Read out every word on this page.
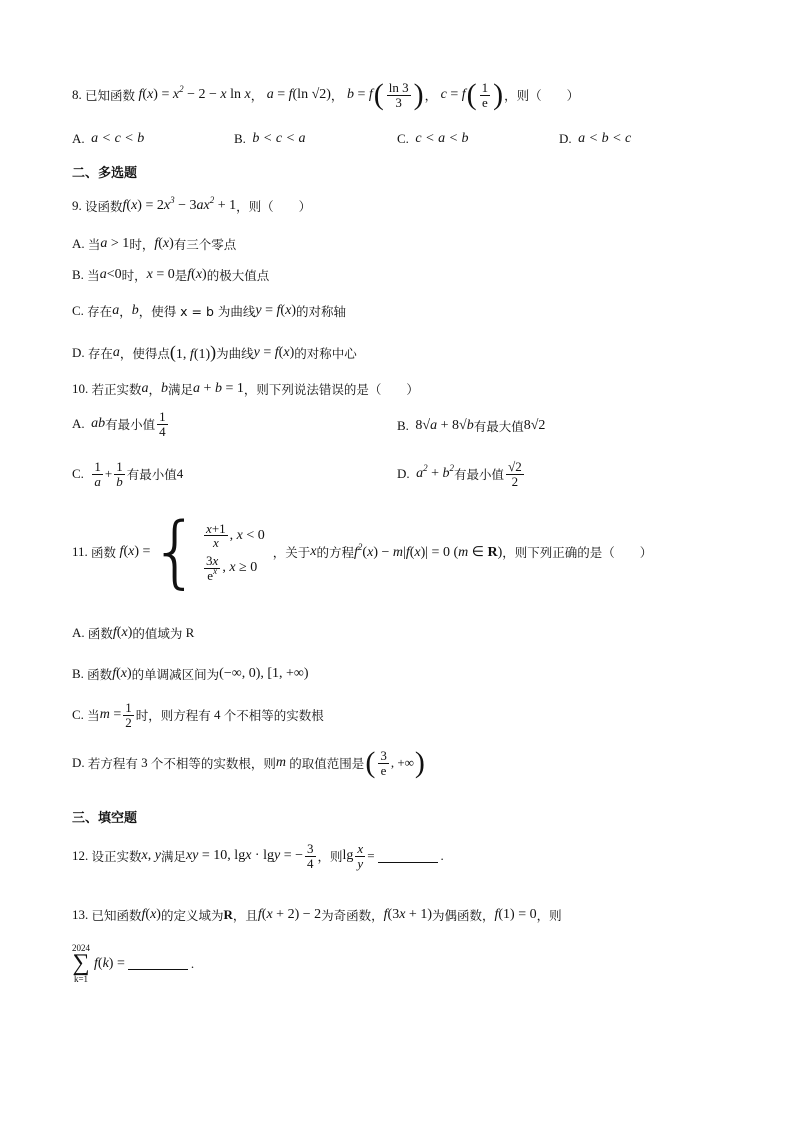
8.
已知函数 $f(x) = x^2 - 2 - x$ ln x ， a = f(ln √2) ， b = f ( $\frac{\ln 3}{3}$ ) ， c = f ( $\frac{1}{e}$ ) ，则（　　）
A.
a < c < b	B.
b < c < a	C.
c < a < b	D.
a < b < c
二、多选题
9.
设函数 $f(x) = 2x^3 - 3ax^2 + 1$ ，则（　　）
A.
当 a > 1 时， f(x) 有三个零点
B.
当 a<0 时， x = 0 是 f(x) 的极大值点
C.
存在 a ， b ，使得 x = b 为曲线 y = f(x) 的对称轴
D.
存在 a ，使得点 (1, f(1)) 为曲线 y = f(x) 的对称中心
10.
若正实数 a ， b 满足 a + b = 1 ，则下列说法错误的是（　　）
A.
ab 有最小值 $\frac{1}{4}$	B.
8√a + 8√b 有最大值 8√2
C.
$\frac{1}{a} + \frac{1}{b}$ 有最小值 4	D.
$a^2 + b^2$ 有最小值 $\frac{√2}{2}$
11.
函数 f(x) = { $\frac{x+1}{x}$ , x < 0
$\frac{3x}{e^x}$ , x ≥ 0
，关于 x 的方程 $f^2(x) - m|f(x)| = 0$ (m ∈ R) ，则下列正确的是（　　）
A.
函数 f(x) 的值域为
R
B.
函数 f(x) 的单调减区间为 (−∞, 0), [1, +∞)
C.
当 $m = \frac{1}{2}$ 时，则方程有
4
个不相等的实数根
D.
若方程有
3
个不相等的实数根，则 m
的取值范围是 ( $\frac{3}{e}$ , +∞ )
三、填空题
12.
设正实数 x, y 满足 xy = 10, lgx · lgy = − $\frac{3}{4}$ ，则 $\lg \frac{x}{y}$ =	.
13.
已知函数 f(x) 的定义域为 R ，且 f(x + 2) − 2 为奇函数， f(3x + 1) 为偶函数， f(1) = 0 ，则
2024
∑
k=1
f(k) =	.
